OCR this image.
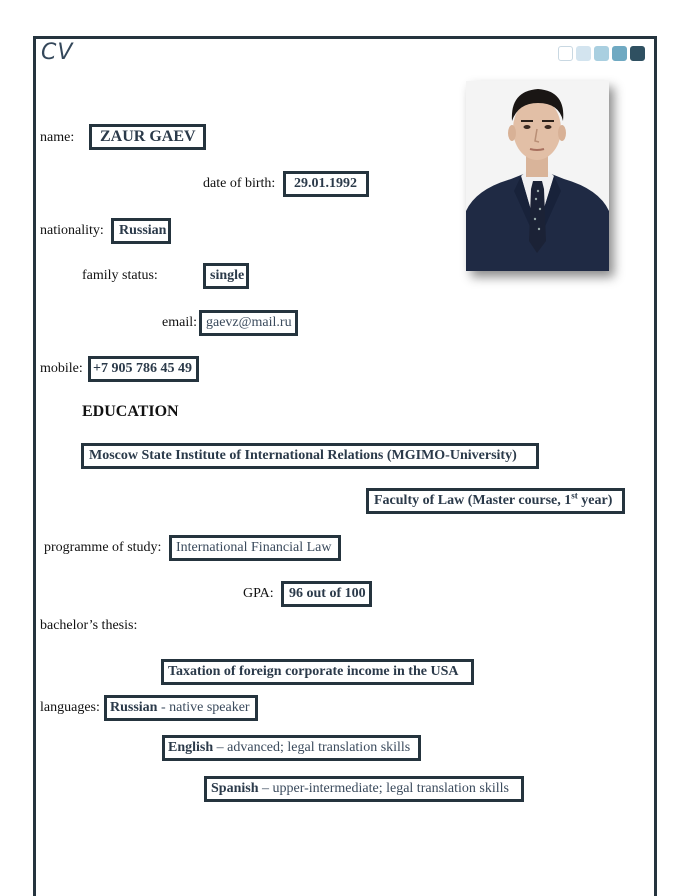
CV
name:	ZAUR GAEV
date of birth:	29.01.1992
nationality:	Russian
family status:	single
email: gaevz@mail.ru
mobile: +7 905 786 45 49
EDUCATION
Moscow State Institute of International Relations (MGIMO-University)
Faculty of Law (Master course, 1st year)
programme of study:	International Financial Law
GPA:	96 out of 100
bachelor’s thesis:
Taxation of foreign corporate income in the USA
languages: Russian - native speaker
English – advanced; legal translation skills
Spanish – upper-intermediate; legal translation skills
